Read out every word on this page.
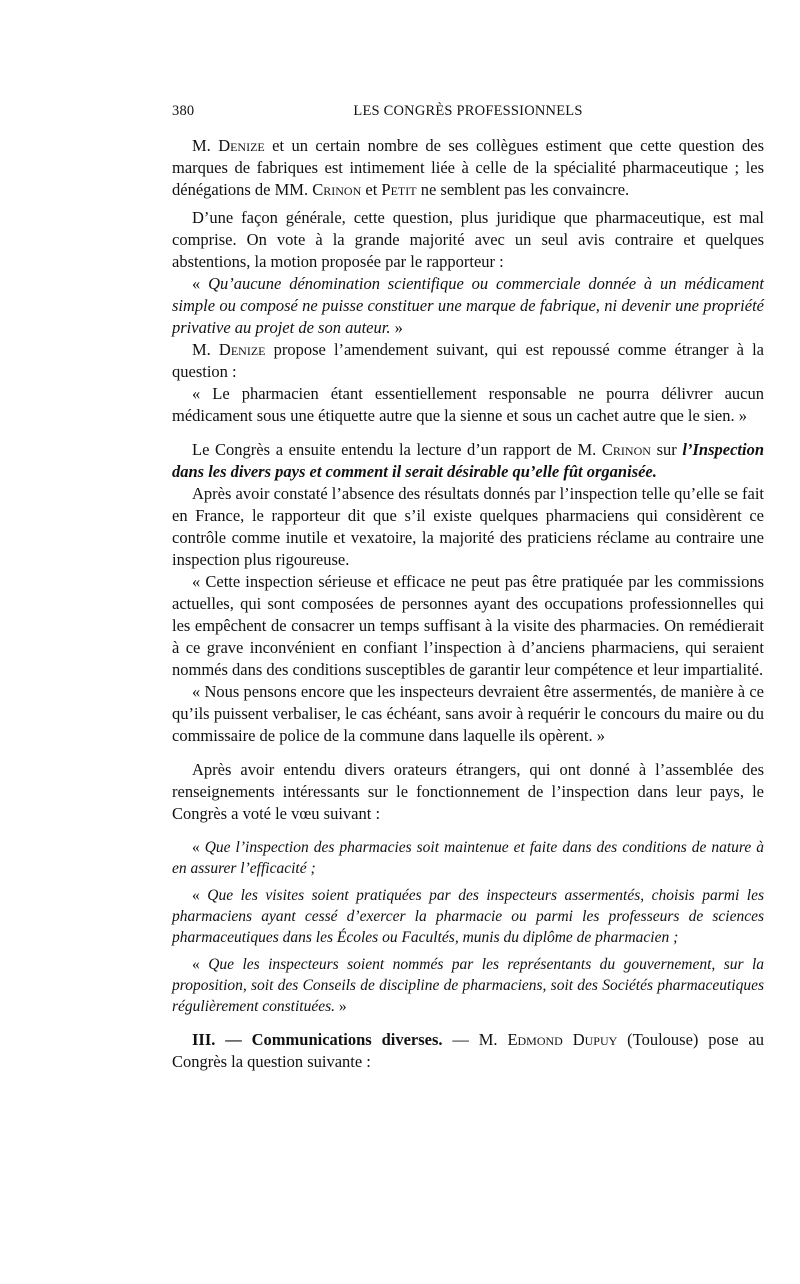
380	LES CONGRÈS PROFESSIONNELS

M. Denize et un certain nombre de ses collègues estiment que cette question des marques de fabriques est intimement liée à celle de la spécialité pharmaceutique ; les dénégations de MM. Crinon et Petit ne semblent pas les convaincre.

D’une façon générale, cette question, plus juridique que pharmaceutique, est mal comprise. On vote à la grande majorité avec un seul avis contraire et quelques abstentions, la motion proposée par le rapporteur :

« Qu’aucune dénomination scientifique ou commerciale donnée à un médicament simple ou composé ne puisse constituer une marque de fabrique, ni devenir une propriété privative au projet de son auteur. »

M. Denize propose l’amendement suivant, qui est repoussé comme étranger à la question :

« Le pharmacien étant essentiellement responsable ne pourra délivrer aucun médicament sous une étiquette autre que la sienne et sous un cachet autre que le sien. »

Le Congrès a ensuite entendu la lecture d’un rapport de M. Crinon sur l’Inspection dans les divers pays et comment il serait désirable qu’elle fût organisée.

Après avoir constaté l’absence des résultats donnés par l’inspection telle qu’elle se fait en France, le rapporteur dit que s’il existe quelques pharmaciens qui considèrent ce contrôle comme inutile et vexatoire, la majorité des praticiens réclame au contraire une inspection plus rigoureuse.

« Cette inspection sérieuse et efficace ne peut pas être pratiquée par les commissions actuelles, qui sont composées de personnes ayant des occupations professionnelles qui les empêchent de consacrer un temps suffisant à la visite des pharmacies. On remédierait à ce grave inconvénient en confiant l’inspection à d’anciens pharmaciens, qui seraient nommés dans des conditions susceptibles de garantir leur compétence et leur impartialité.

« Nous pensons encore que les inspecteurs devraient être assermentés, de manière à ce qu’ils puissent verbaliser, le cas échéant, sans avoir à requérir le concours du maire ou du commissaire de police de la commune dans laquelle ils opèrent. »

Après avoir entendu divers orateurs étrangers, qui ont donné à l’assemblée des renseignements intéressants sur le fonctionnement de l’inspection dans leur pays, le Congrès a voté le vœu suivant :

« Que l’inspection des pharmacies soit maintenue et faite dans des conditions de nature à en assurer l’efficacité ;

« Que les visites soient pratiquées par des inspecteurs assermentés, choisis parmi les pharmaciens ayant cessé d’exercer la pharmacie ou parmi les professeurs de sciences pharmaceutiques dans les Écoles ou Facultés, munis du diplôme de pharmacien ;

« Que les inspecteurs soient nommés par les représentants du gouvernement, sur la proposition, soit des Conseils de discipline de pharmaciens, soit des Sociétés pharmaceutiques régulièrement constituées. »

III. — Communications diverses. — M. Edmond Dupuy (Toulouse) pose au Congrès la question suivante :
